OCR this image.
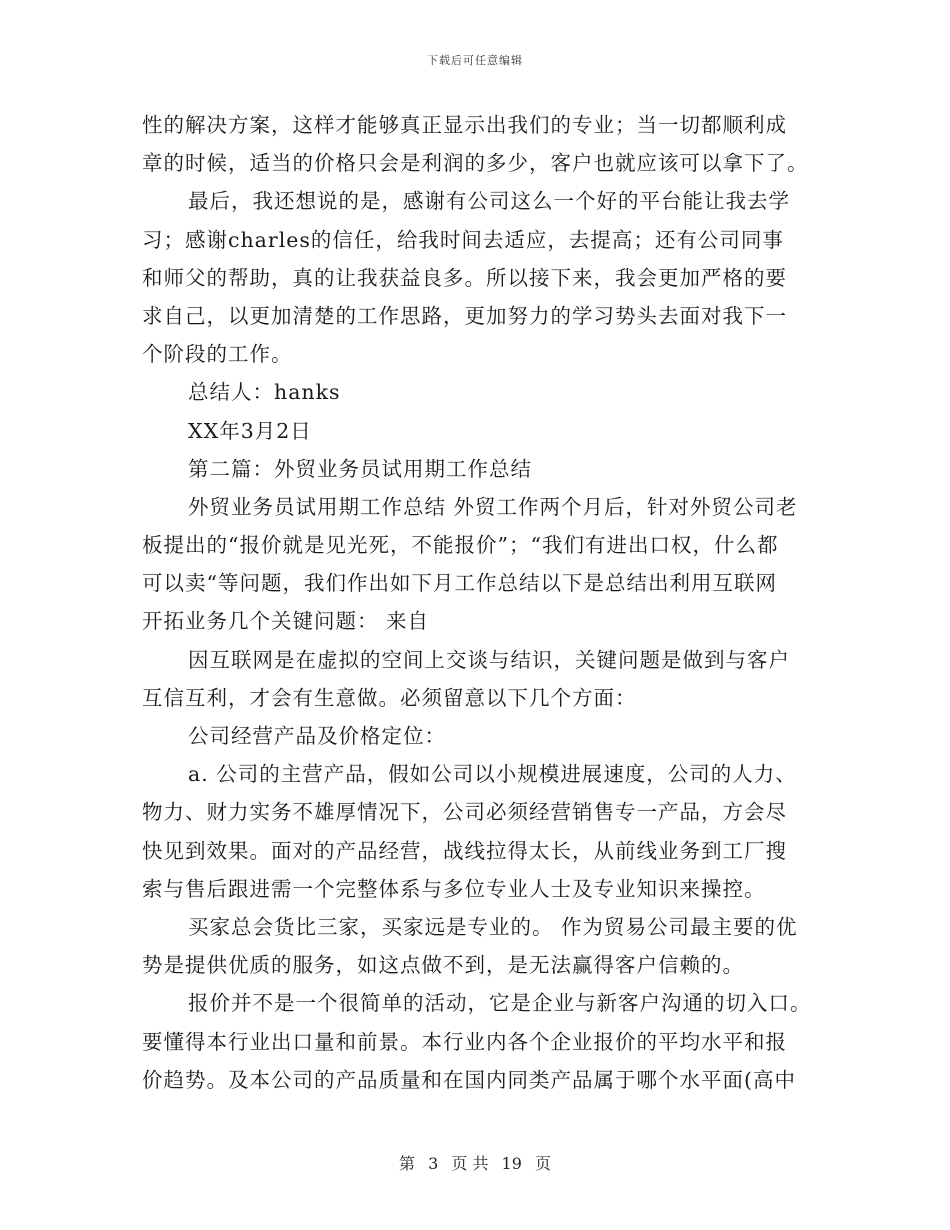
下载后可任意编辑
性的解决方案，这样才能够真正显示出我们的专业；当一切都顺利成
章的时候，适当的价格只会是利润的多少，客户也就应该可以拿下了。
最后，我还想说的是，感谢有公司这么一个好的平台能让我去学
习；感谢charles的信任，给我时间去适应，去提高；还有公司同事
和师父的帮助，真的让我获益良多。所以接下来，我会更加严格的要
求自己，以更加清楚的工作思路，更加努力的学习势头去面对我下一
个阶段的工作。
总结人：hanks
XX年3月2日
第二篇：外贸业务员试用期工作总结
外贸业务员试用期工作总结 外贸工作两个月后，针对外贸公司老
板提出的“报价就是见光死，不能报价”；“我们有进出口权，什么都
可以卖“等问题，我们作出如下月工作总结以下是总结出利用互联网
开拓业务几个关键问题： 来自
因互联网是在虚拟的空间上交谈与结识，关键问题是做到与客户
互信互利，才会有生意做。必须留意以下几个方面：
公司经营产品及价格定位：
a. 公司的主营产品，假如公司以小规模进展速度，公司的人力、
物力、财力实务不雄厚情况下，公司必须经营销售专一产品，方会尽
快见到效果。面对的产品经营，战线拉得太长，从前线业务到工厂搜
索与售后跟进需一个完整体系与多位专业人士及专业知识来操控。
买家总会货比三家，买家远是专业的。 作为贸易公司最主要的优
势是提供优质的服务，如这点做不到，是无法赢得客户信赖的。
报价并不是一个很简单的活动，它是企业与新客户沟通的切入口。
要懂得本行业出口量和前景。本行业内各个企业报价的平均水平和报
价趋势。及本公司的产品质量和在国内同类产品属于哪个水平面(高中
第 3 页 共 19 页
